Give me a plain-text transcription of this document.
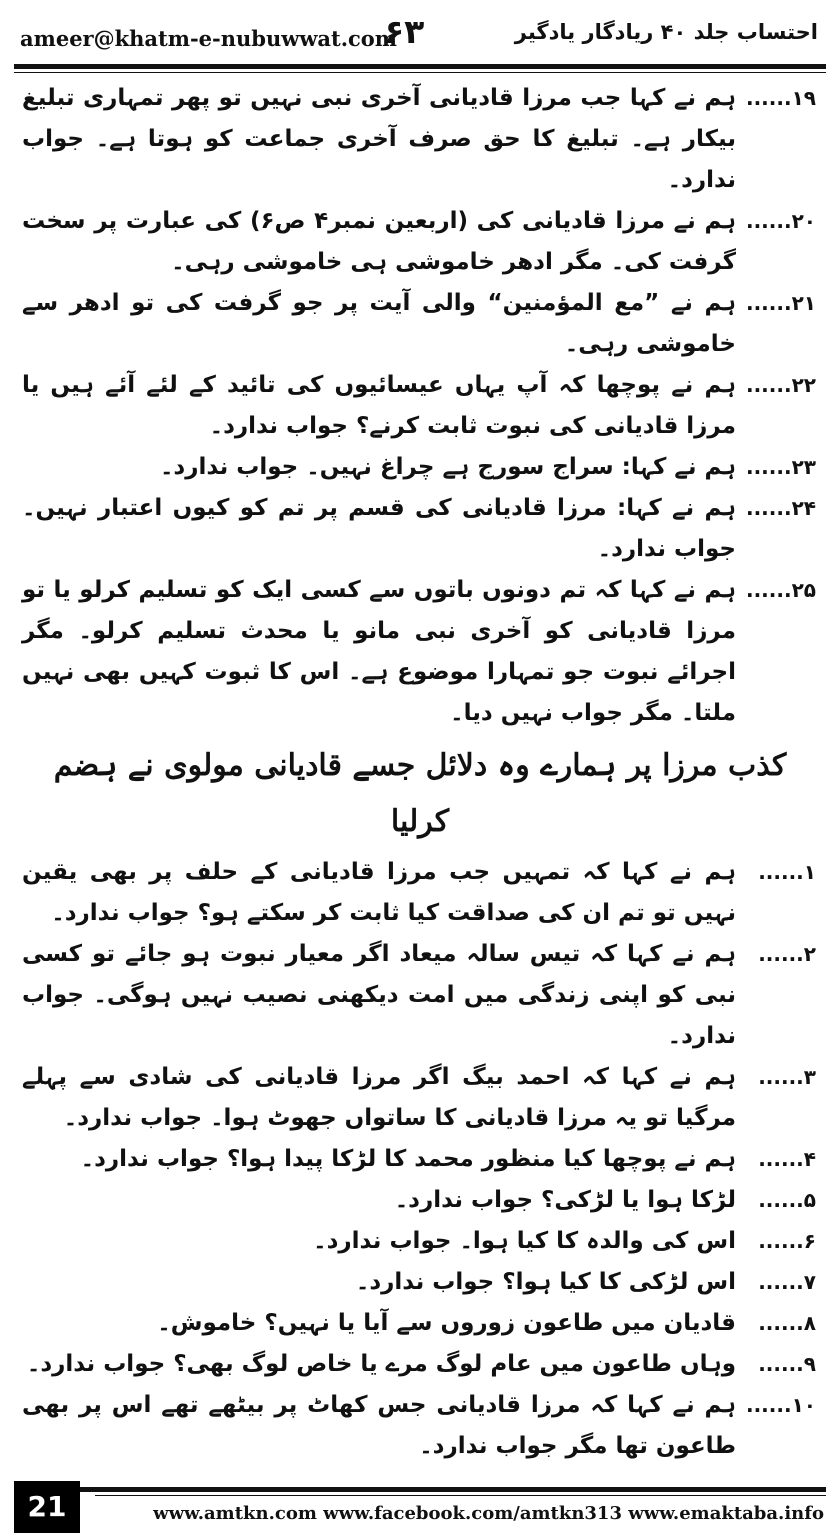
ameer@khatm-e-nubuwwat.com
۶۳	احتساب جلد ۴۰ ریادگار یادگیر
۱۹......
ہم نے کہا جب مرزا قادیانی آخری نبی نہیں تو پھر تمہاری تبلیغ بیکار ہے۔ تبلیغ کا حق صرف آخری جماعت کو ہوتا ہے۔ جواب ندارد۔
۲۰......
ہم نے مرزا قادیانی کی (اربعین نمبر۴ ص۶) کی عبارت پر سخت گرفت کی۔ مگر ادھر خاموشی ہی خاموشی رہی۔
۲۱......
ہم نے ”مع المؤمنین“ والی آیت پر جو گرفت کی تو ادھر سے خاموشی رہی۔
۲۲......
ہم نے پوچھا کہ آپ یہاں عیسائیوں کی تائید کے لئے آئے ہیں یا مرزا قادیانی کی نبوت ثابت کرنے؟ جواب ندارد۔
۲۳......
ہم نے کہا: سراج سورج ہے چراغ نہیں۔ جواب ندارد۔
۲۴......
ہم نے کہا: مرزا قادیانی کی قسم پر تم کو کیوں اعتبار نہیں۔ جواب ندارد۔
۲۵......
ہم نے کہا کہ تم دونوں باتوں سے کسی ایک کو تسلیم کرلو یا تو مرزا قادیانی کو آخری نبی مانو یا محدث تسلیم کرلو۔ مگر اجرائے نبوت جو تمہارا موضوع ہے۔ اس کا ثبوت کہیں بھی نہیں ملتا۔ مگر جواب نہیں دیا۔
کذب مرزا پر ہمارے وہ دلائل جسے قادیانی مولوی نے ہضم کرلیا
۱......
ہم نے کہا کہ تمہیں جب مرزا قادیانی کے حلف پر بھی یقین نہیں تو تم ان کی صداقت کیا ثابت کر سکتے ہو؟ جواب ندارد۔
۲......
ہم نے کہا کہ تیس سالہ میعاد اگر معیار نبوت ہو جائے تو کسی نبی کو اپنی زندگی میں امت دیکھنی نصیب نہیں ہوگی۔ جواب ندارد۔
۳......
ہم نے کہا کہ احمد بیگ اگر مرزا قادیانی کی شادی سے پہلے مرگیا تو یہ مرزا قادیانی کا ساتواں جھوٹ ہوا۔ جواب ندارد۔
۴......
ہم نے پوچھا کیا منظور محمد کا لڑکا پیدا ہوا؟ جواب ندارد۔
۵......
لڑکا ہوا یا لڑکی؟ جواب ندارد۔
۶......
اس کی والدہ کا کیا ہوا۔ جواب ندارد۔
۷......
اس لڑکی کا کیا ہوا؟ جواب ندارد۔
۸......
قادیان میں طاعون زوروں سے آیا یا نہیں؟ خاموش۔
۹......
وہاں طاعون میں عام لوگ مرے یا خاص لوگ بھی؟ جواب ندارد۔
۱۰......
ہم نے کہا کہ مرزا قادیانی جس کھاٹ پر بیٹھے تھے اس پر بھی طاعون تھا مگر جواب ندارد۔
21	www.amtkn.com www.facebook.com/amtkn313 www.emaktaba.info
